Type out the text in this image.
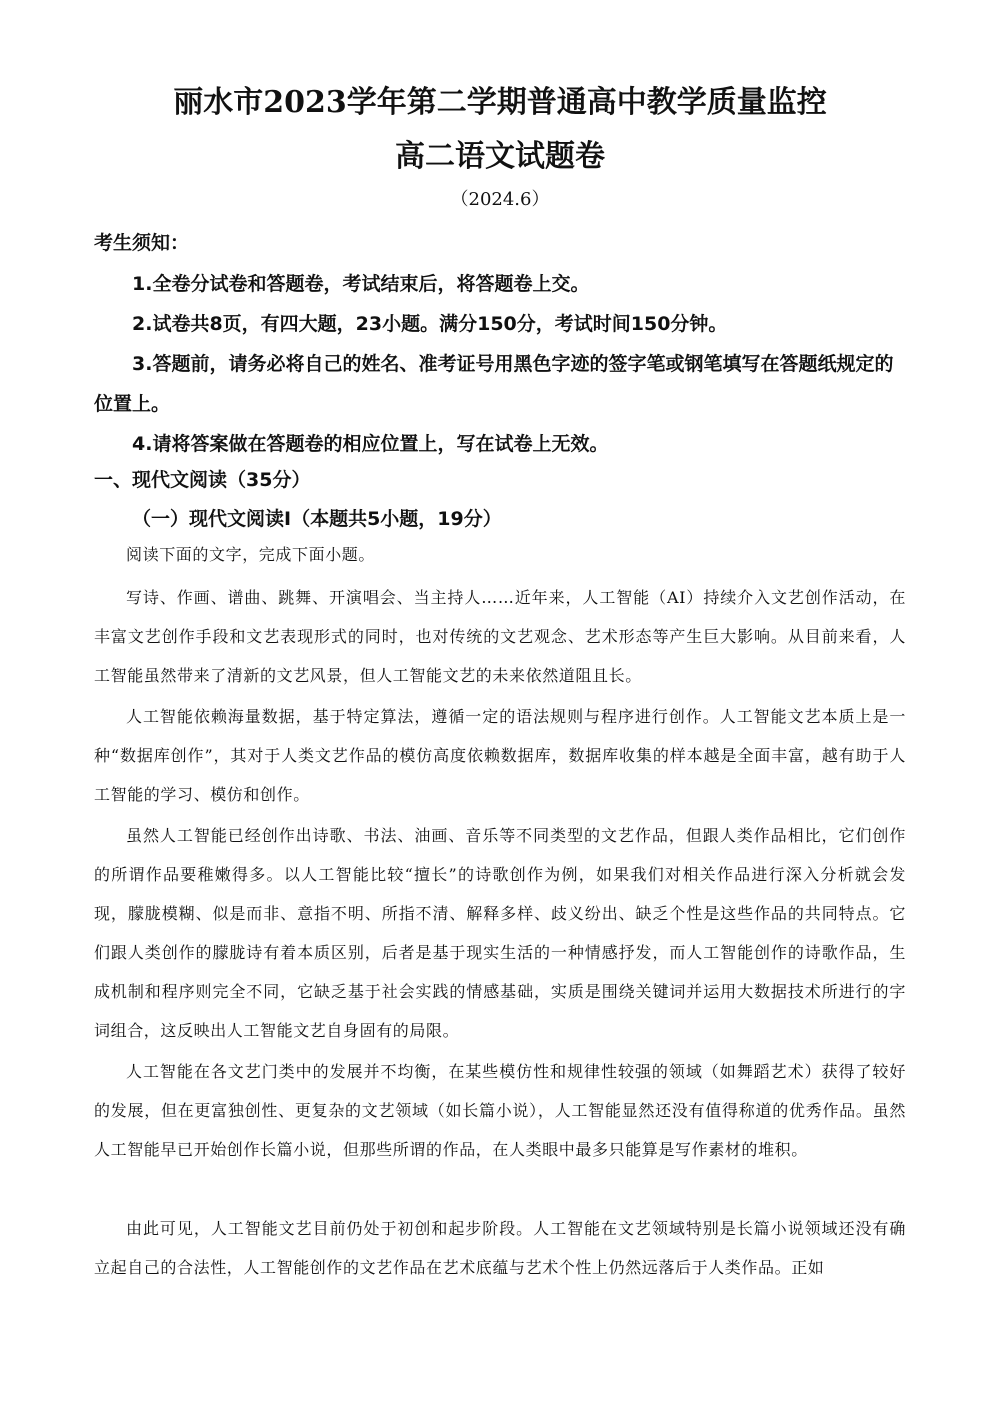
丽水市2023学年第二学期普通高中教学质量监控
高二语文试题卷
（2024.6）
考生须知：

1.全卷分试卷和答题卷，考试结束后，将答题卷上交。

2.试卷共8页，有四大题，23小题。满分150分，考试时间150分钟。

3.答题前，请务必将自己的姓名、准考证号用黑色字迹的签字笔或钢笔填写在答题纸规定的位置上。

4.请将答案做在答题卷的相应位置上，写在试卷上无效。

一、现代文阅读（35分）
（一）现代文阅读Ⅰ（本题共5小题，19分）

阅读下面的文字，完成下面小题。

写诗、作画、谱曲、跳舞、开演唱会、当主持人……近年来，人工智能（AI）持续介入文艺创作活动，在丰富文艺创作手段和文艺表现形式的同时，也对传统的文艺观念、艺术形态等产生巨大影响。从目前来看，人工智能虽然带来了清新的文艺风景，但人工智能文艺的未来依然道阻且长。

人工智能依赖海量数据，基于特定算法，遵循一定的语法规则与程序进行创作。人工智能文艺本质上是一种“数据库创作”，其对于人类文艺作品的模仿高度依赖数据库，数据库收集的样本越是全面丰富，越有助于人工智能的学习、模仿和创作。

虽然人工智能已经创作出诗歌、书法、油画、音乐等不同类型的文艺作品，但跟人类作品相比，它们创作的所谓作品要稚嫩得多。以人工智能比较“擅长”的诗歌创作为例，如果我们对相关作品进行深入分析就会发现，朦胧模糊、似是而非、意指不明、所指不清、解释多样、歧义纷出、缺乏个性是这些作品的共同特点。它们跟人类创作的朦胧诗有着本质区别，后者是基于现实生活的一种情感抒发，而人工智能创作的诗歌作品，生成机制和程序则完全不同，它缺乏基于社会实践的情感基础，实质是围绕关键词并运用大数据技术所进行的字词组合，这反映出人工智能文艺自身固有的局限。

人工智能在各文艺门类中的发展并不均衡，在某些模仿性和规律性较强的领域（如舞蹈艺术）获得了较好的发展，但在更富独创性、更复杂的文艺领域（如长篇小说），人工智能显然还没有值得称道的优秀作品。虽然人工智能早已开始创作长篇小说，但那些所谓的作品，在人类眼中最多只能算是写作素材的堆积。

由此可见，人工智能文艺目前仍处于初创和起步阶段。人工智能在文艺领域特别是长篇小说领域还没有确立起自己的合法性，人工智能创作的文艺作品在艺术底蕴与艺术个性上仍然远落后于人类作品。正如
